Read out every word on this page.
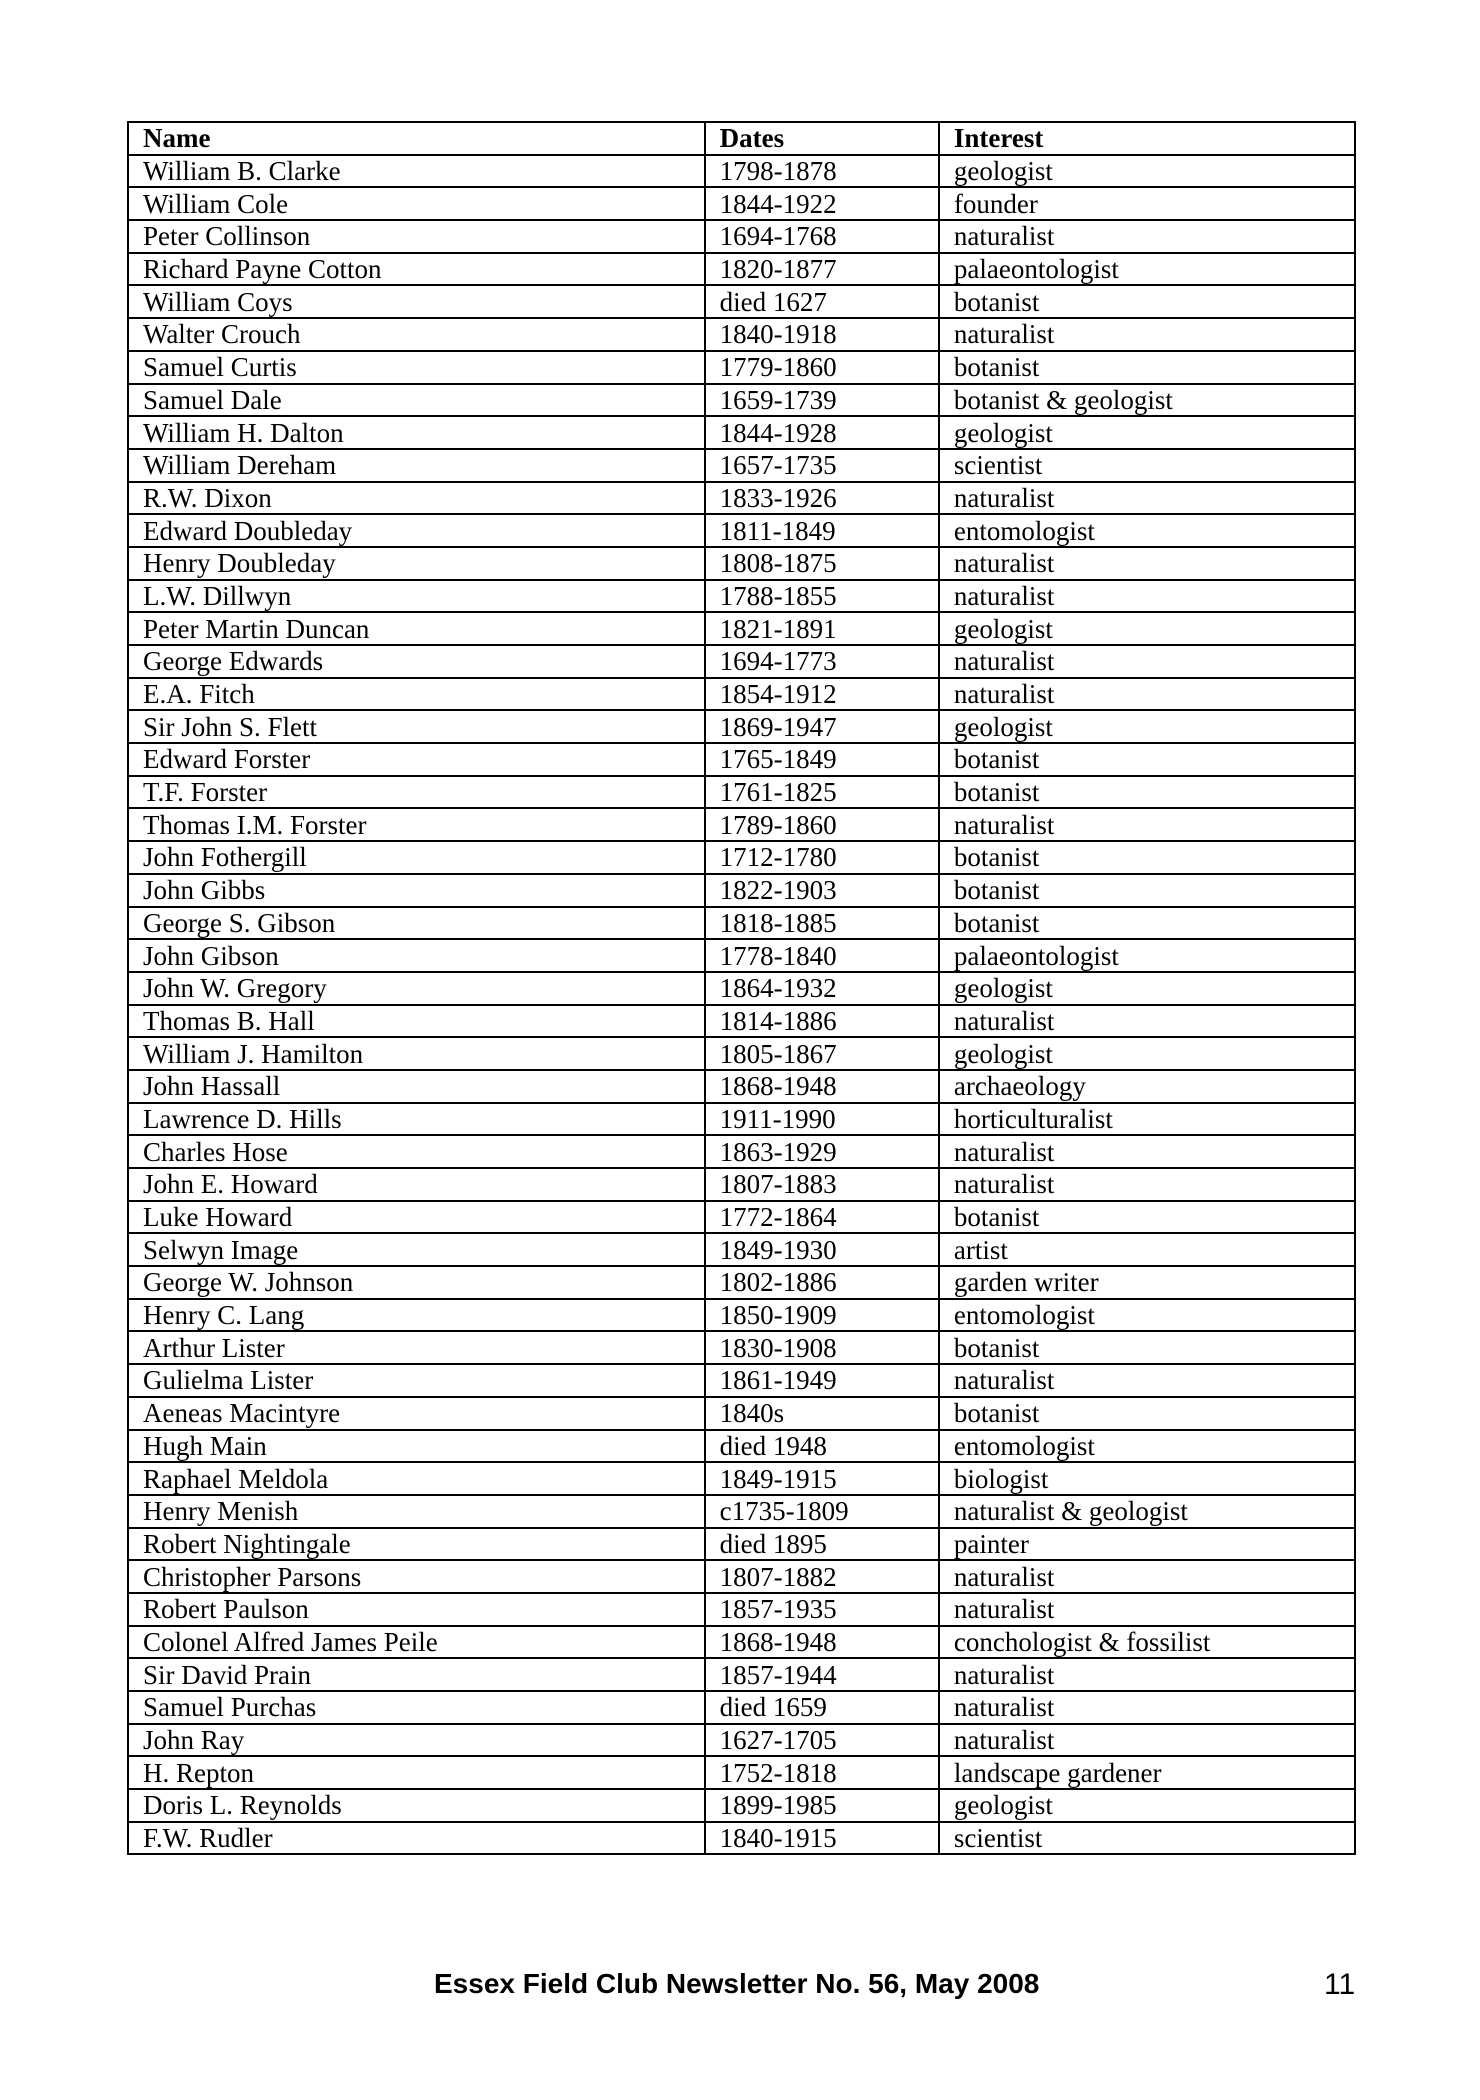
Name	Dates	Interest
William B. Clarke	1798-1878	geologist
William Cole	1844-1922	founder
Peter Collinson	1694-1768	naturalist
Richard Payne Cotton	1820-1877	palaeontologist
William Coys	died 1627	botanist
Walter Crouch	1840-1918	naturalist
Samuel Curtis	1779-1860	botanist
Samuel Dale	1659-1739	botanist & geologist
William H. Dalton	1844-1928	geologist
William Dereham	1657-1735	scientist
R.W. Dixon	1833-1926	naturalist
Edward Doubleday	1811-1849	entomologist
Henry Doubleday	1808-1875	naturalist
L.W. Dillwyn	1788-1855	naturalist
Peter Martin Duncan	1821-1891	geologist
George Edwards	1694-1773	naturalist
E.A. Fitch	1854-1912	naturalist
Sir John S. Flett	1869-1947	geologist
Edward Forster	1765-1849	botanist
T.F. Forster	1761-1825	botanist
Thomas I.M. Forster	1789-1860	naturalist
John Fothergill	1712-1780	botanist
John Gibbs	1822-1903	botanist
George S. Gibson	1818-1885	botanist
John Gibson	1778-1840	palaeontologist
John W. Gregory	1864-1932	geologist
Thomas B. Hall	1814-1886	naturalist
William J. Hamilton	1805-1867	geologist
John Hassall	1868-1948	archaeology
Lawrence D. Hills	1911-1990	horticulturalist
Charles Hose	1863-1929	naturalist
John E. Howard	1807-1883	naturalist
Luke Howard	1772-1864	botanist
Selwyn Image	1849-1930	artist
George W. Johnson	1802-1886	garden writer
Henry C. Lang	1850-1909	entomologist
Arthur Lister	1830-1908	botanist
Gulielma Lister	1861-1949	naturalist
Aeneas Macintyre	1840s	botanist
Hugh Main	died 1948	entomologist
Raphael Meldola	1849-1915	biologist
Henry Menish	c1735-1809	naturalist & geologist
Robert Nightingale	died 1895	painter
Christopher Parsons	1807-1882	naturalist
Robert Paulson	1857-1935	naturalist
Colonel Alfred James Peile	1868-1948	conchologist & fossilist
Sir David Prain	1857-1944	naturalist
Samuel Purchas	died 1659	naturalist
John Ray	1627-1705	naturalist
H. Repton	1752-1818	landscape gardener
Doris L. Reynolds	1899-1985	geologist
F.W. Rudler	1840-1915	scientist
Essex Field Club Newsletter No. 56, May 2008	11
